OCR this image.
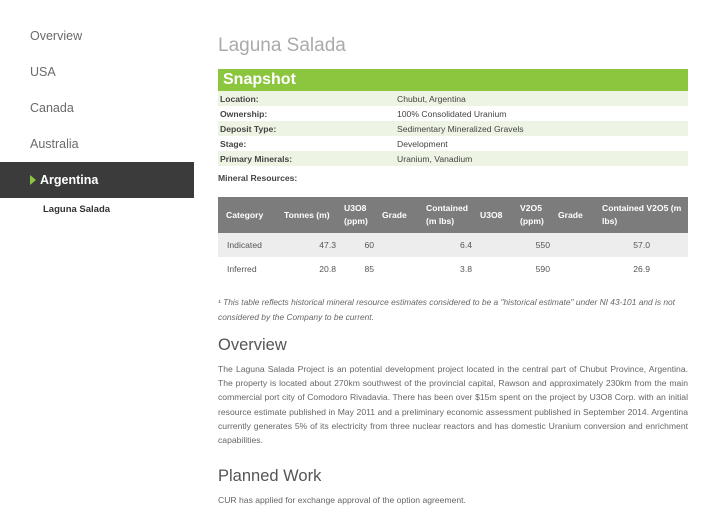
Overview
USA
Canada
Australia
Argentina
Laguna Salada
Laguna Salada
Snapshot
Location:	Chubut, Argentina
Ownership:	100% Consolidated Uranium
Deposit Type:	Sedimentary Mineralized Gravels
Stage:	Development
Primary Minerals:	Uranium, Vanadium
Mineral Resources:
Category	Tonnes (m)	U3O8 (ppm)	Grade	Contained (m lbs)	U3O8	V2O5 (ppm)	Grade	Contained V2O5 (m lbs)
Indicated	47.3	60		6.4		550		57.0
Inferred	20.8	85		3.8		590		26.9
¹ This table reflects historical mineral resource estimates considered to be a "historical estimate" under NI 43-101 and is not considered by the Company to be current.
Overview
The Laguna Salada Project is an potential development project located in the central part of Chubut Province, Argentina. The property is located about 270km southwest of the provincial capital, Rawson and approximately 230km from the main commercial port city of Comodoro Rivadavia. There has been over $15m spent on the project by U3O8 Corp. with an initial resource estimate published in May 2011 and a preliminary economic assessment published in September 2014. Argentina currently generates 5% of its electricity from three nuclear reactors and has domestic Uranium conversion and enrichment capabilities.
Planned Work
CUR has applied for exchange approval of the option agreement.
